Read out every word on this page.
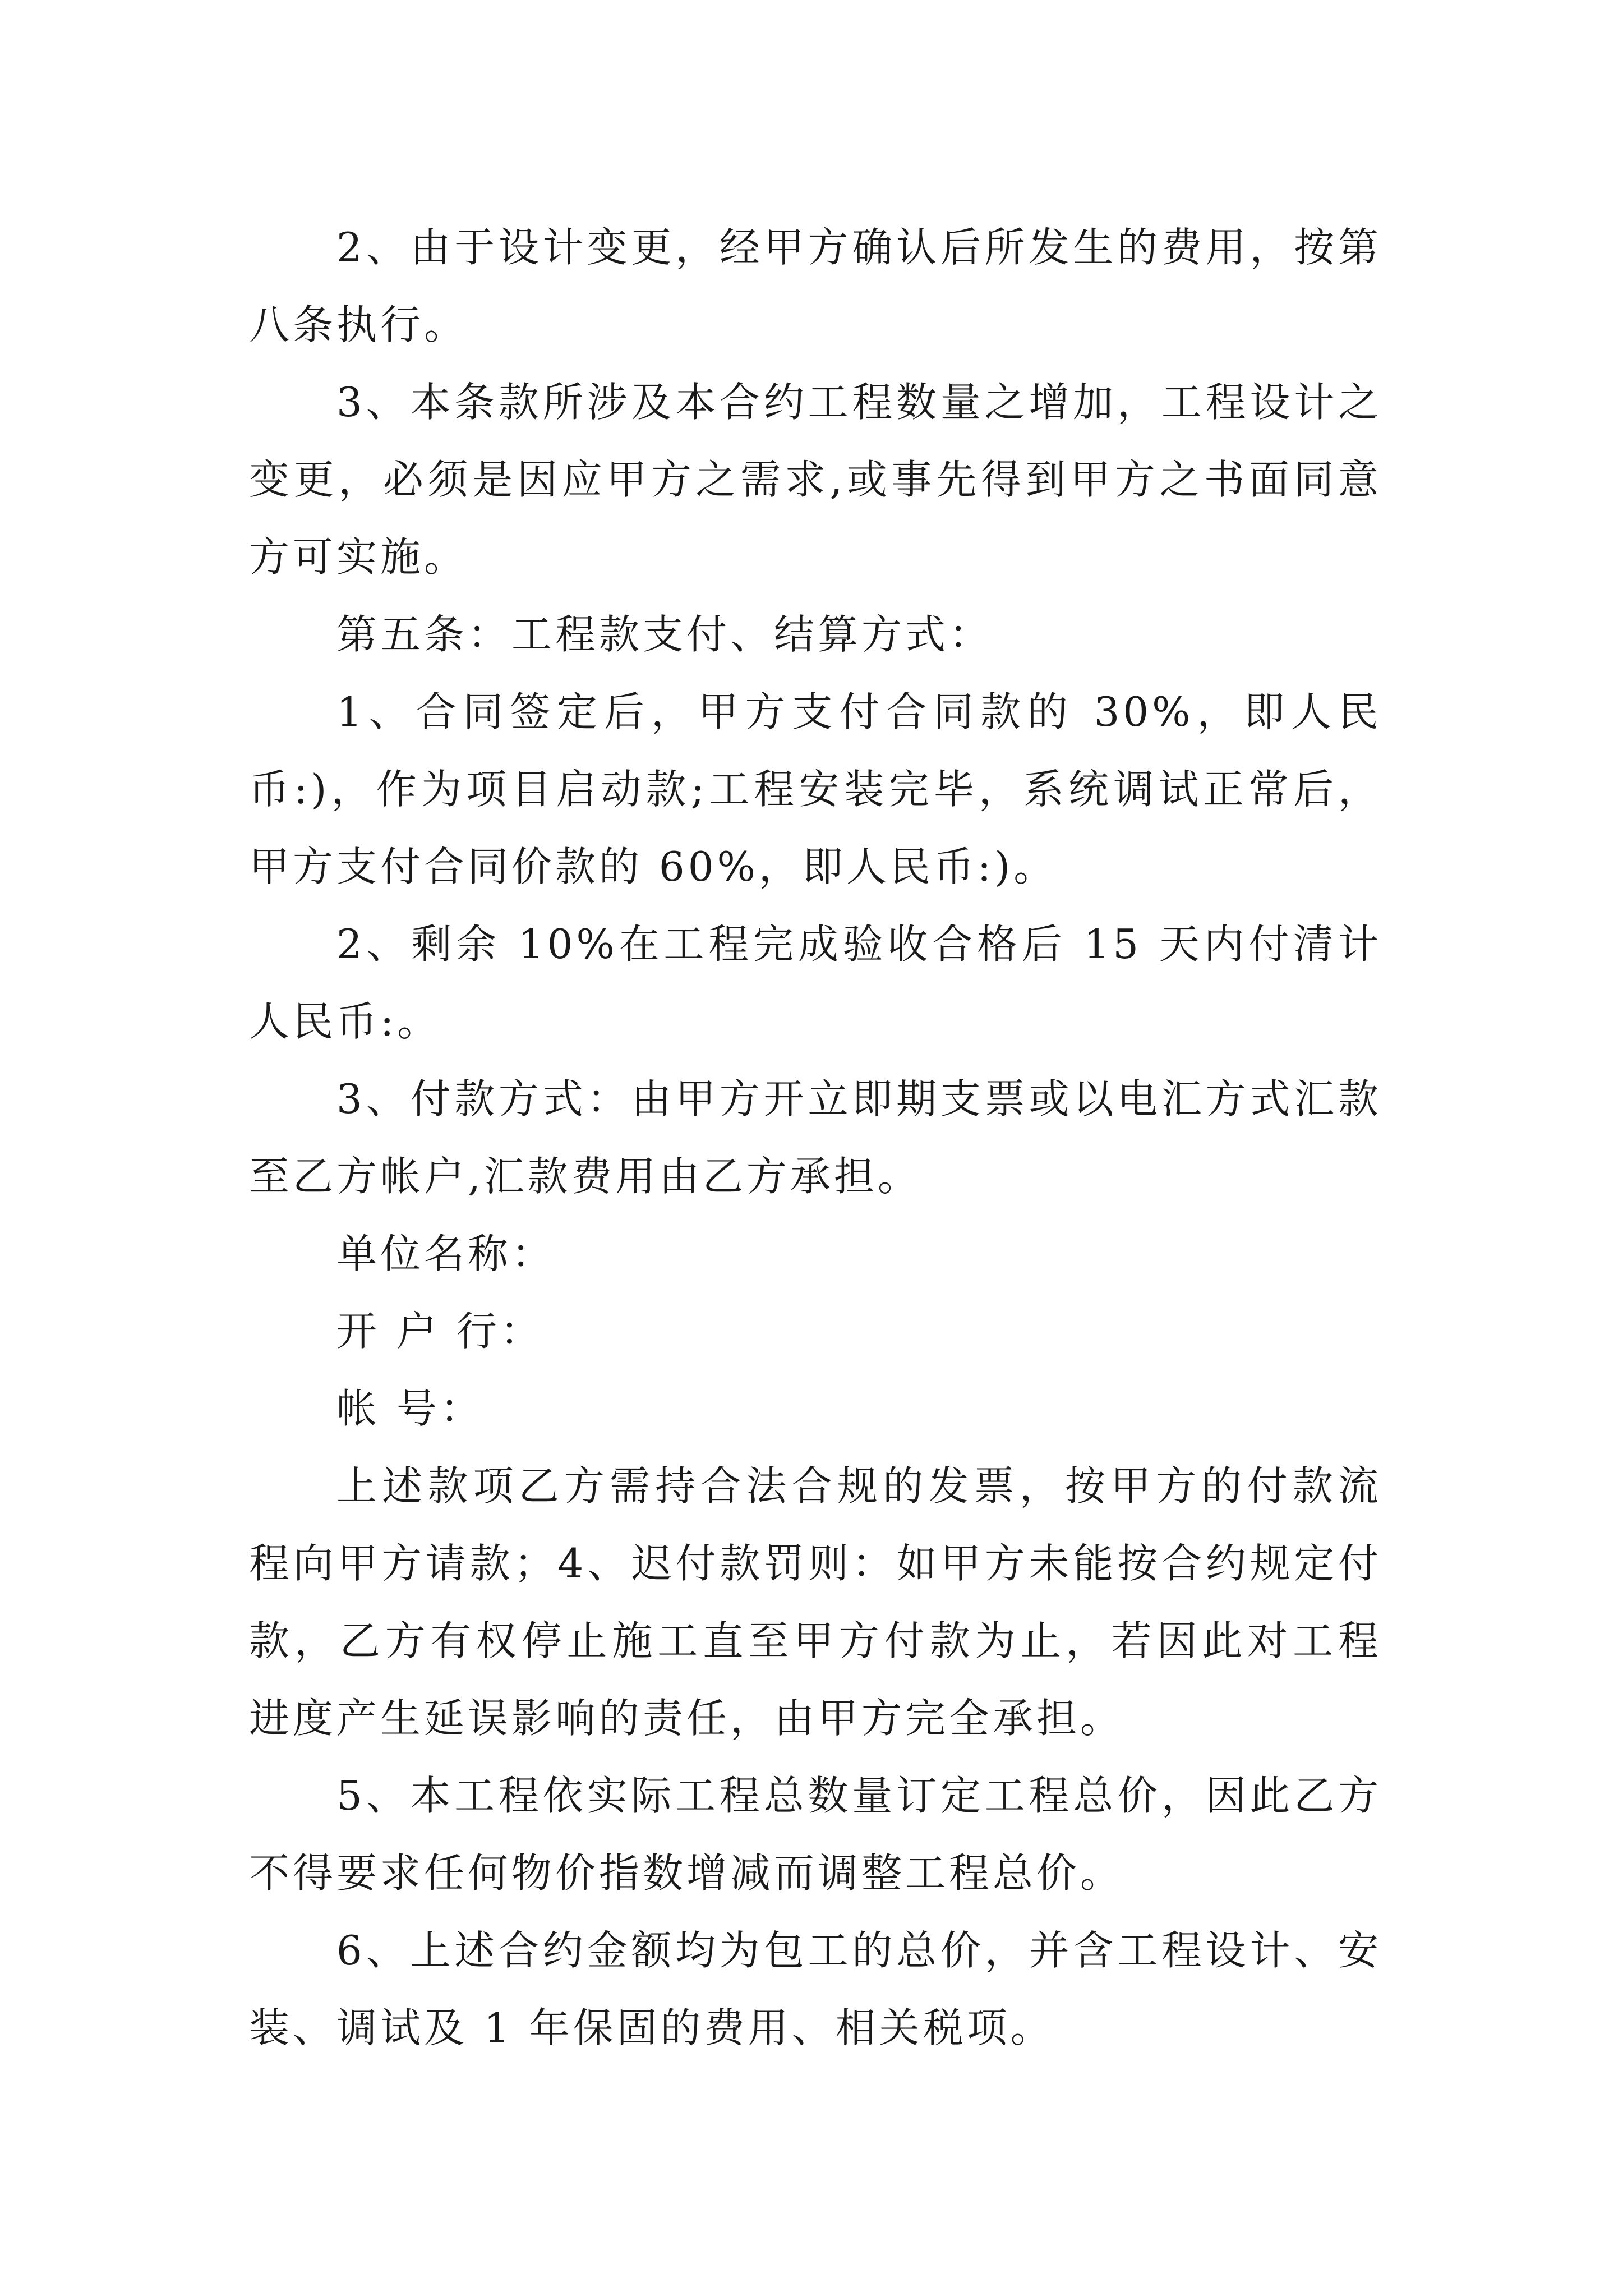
2、由于设计变更，经甲方确认后所发生的费用，按第八条执行。

3、本条款所涉及本合约工程数量之增加，工程设计之变更，必须是因应甲方之需求,或事先得到甲方之书面同意方可实施。

第五条：工程款支付、结算方式：

1、合同签定后，甲方支付合同款的 30%，即人民币:)，作为项目启动款;工程安装完毕，系统调试正常后，甲方支付合同价款的 60%，即人民币:)。

2、剩余 10%在工程完成验收合格后 15 天内付清计人民币:。

3、付款方式：由甲方开立即期支票或以电汇方式汇款至乙方帐户,汇款费用由乙方承担。

单位名称：

开 户 行：

帐 号：

上述款项乙方需持合法合规的发票，按甲方的付款流程向甲方请款；4、迟付款罚则：如甲方未能按合约规定付款，乙方有权停止施工直至甲方付款为止，若因此对工程进度产生延误影响的责任，由甲方完全承担。

5、本工程依实际工程总数量订定工程总价，因此乙方不得要求任何物价指数增减而调整工程总价。

6、上述合约金额均为包工的总价，并含工程设计、安装、调试及 1 年保固的费用、相关税项。
